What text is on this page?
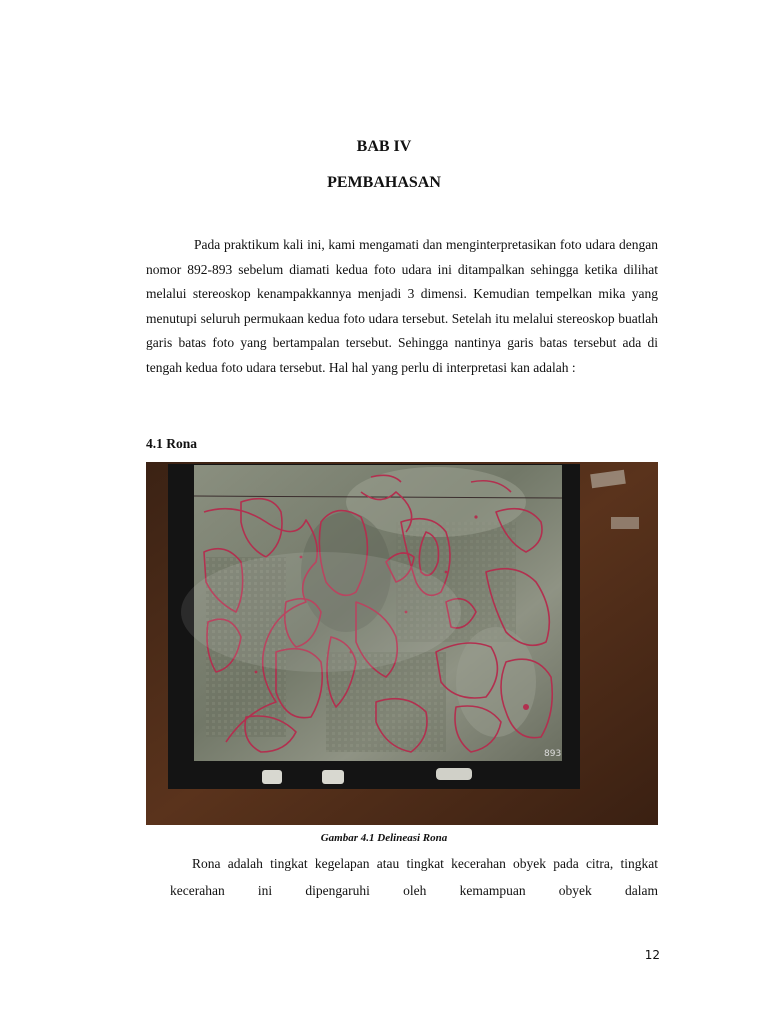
BAB IV
PEMBAHASAN
Pada praktikum kali ini, kami mengamati dan menginterpretasikan foto udara dengan nomor 892-893 sebelum diamati kedua foto udara ini ditampalkan sehingga ketika dilihat melalui stereoskop kenampakkannya menjadi 3 dimensi. Kemudian tempelkan mika yang menutupi seluruh permukaan kedua foto udara tersebut. Setelah itu melalui stereoskop buatlah garis batas foto yang bertampalan tersebut. Sehingga nantinya garis batas tersebut ada di tengah kedua foto udara tersebut. Hal hal yang perlu di interpretasi kan adalah :
4.1 Rona
893
Gambar 4.1 Delineasi Rona
Rona adalah tingkat kegelapan atau tingkat kecerahan obyek pada citra, tingkat kecerahan ini dipengaruhi oleh kemampuan obyek dalam
12
